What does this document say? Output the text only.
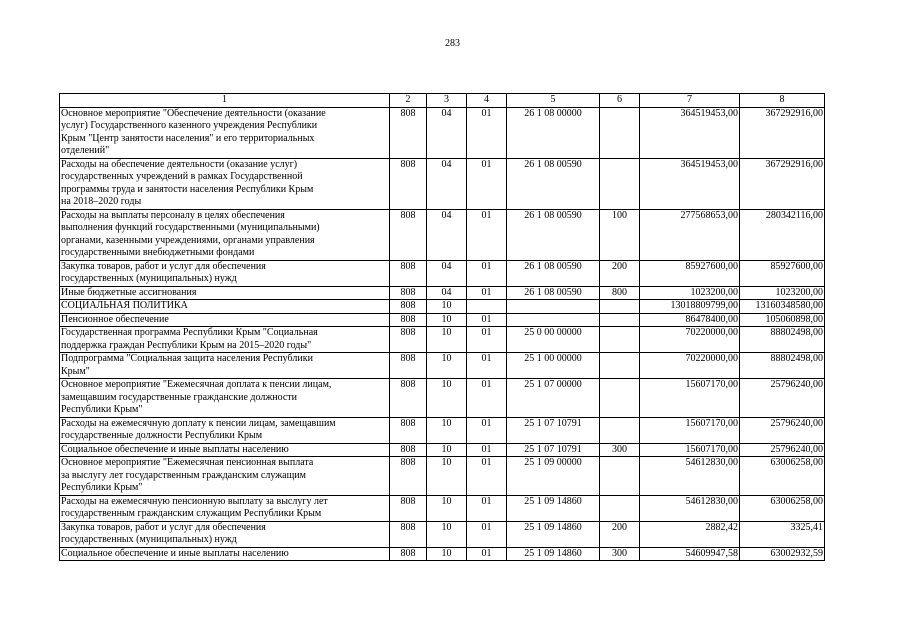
283
1	2	3	4	5	6	7	8
Основное мероприятие "Обеспечение деятельности (оказание
услуг) Государственного казенного учреждения Республики
Крым "Центр занятости населения" и его территориальных
отделений"	808	04	01	26 1 08 00000		364519453,00	367292916,00
Расходы на обеспечение деятельности (оказание услуг)
государственных учреждений в рамках Государственной
программы труда и занятости населения Республики Крым
на 2018–2020 годы	808	04	01	26 1 08 00590		364519453,00	367292916,00
Расходы на выплаты персоналу в целях обеспечения
выполнения функций государственными (муниципальными)
органами, казенными учреждениями, органами управления
государственными внебюджетными фондами	808	04	01	26 1 08 00590	100	277568653,00	280342116,00
Закупка товаров, работ и услуг для обеспечения
государственных (муниципальных) нужд	808	04	01	26 1 08 00590	200	85927600,00	85927600,00
Иные бюджетные ассигнования	808	04	01	26 1 08 00590	800	1023200,00	1023200,00
СОЦИАЛЬНАЯ ПОЛИТИКА	808	10				13018809799,00	13160348580,00
Пенсионное обеспечение	808	10	01			86478400,00	105060898,00
Государственная программа Республики Крым "Социальная
поддержка граждан Республики Крым на 2015–2020 годы"	808	10	01	25 0 00 00000		70220000,00	88802498,00
Подпрограмма "Социальная защита населения Республики
Крым"	808	10	01	25 1 00 00000		70220000,00	88802498,00
Основное мероприятие "Ежемесячная доплата к пенсии лицам,
замещавшим государственные гражданские должности
Республики Крым"	808	10	01	25 1 07 00000		15607170,00	25796240,00
Расходы на ежемесячную доплату к пенсии лицам, замещавшим
государственные должности Республики Крым	808	10	01	25 1 07 10791		15607170,00	25796240,00
Социальное обеспечение и иные выплаты населению	808	10	01	25 1 07 10791	300	15607170,00	25796240,00
Основное мероприятие "Ежемесячная пенсионная выплата
за выслугу лет государственным гражданским служащим
Республики Крым"	808	10	01	25 1 09 00000		54612830,00	63006258,00
Расходы на ежемесячную пенсионную выплату за выслугу лет
государственным гражданским служащим Республики Крым	808	10	01	25 1 09 14860		54612830,00	63006258,00
Закупка товаров, работ и услуг для обеспечения
государственных (муниципальных) нужд	808	10	01	25 1 09 14860	200	2882,42	3325,41
Социальное обеспечение и иные выплаты населению	808	10	01	25 1 09 14860	300	54609947,58	63002932,59
